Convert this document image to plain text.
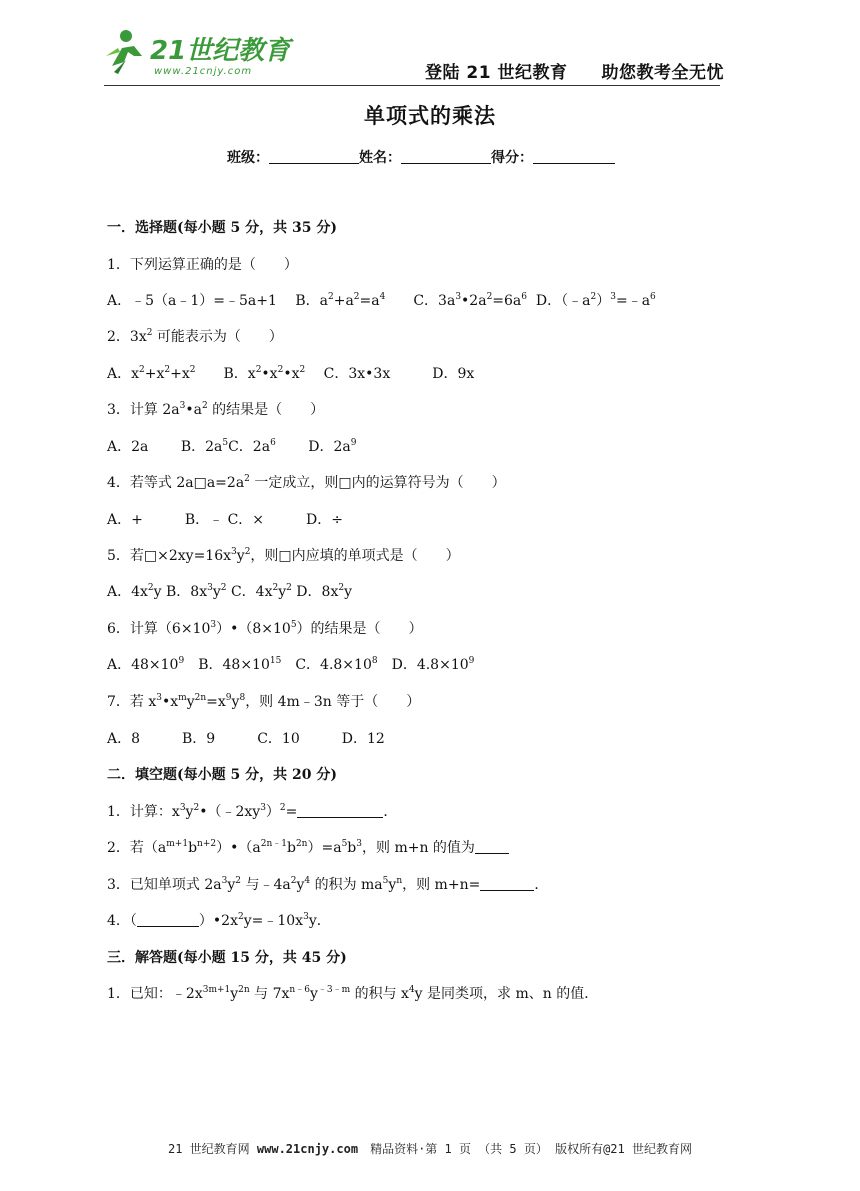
21世纪教育
www.21cnjy.com	登陆 21 世纪教育 助您教考全无忧
单项式的乘法
班级：	姓名：	得分：
一．选择题(每小题 5 分，共 35 分)
1．下列运算正确的是（　　）
A．﹣5（a﹣1）=﹣5a+1　 B．$a^2+a^2=a^4$　　C．$3a^3•2a^2=6a^6$  D．$(﹣a^2)^3=﹣a^6$
2．$3x^2$ 可能表示为（　　）
A．$x^2+x^2+x^2$　　B．$x^2•x^2•x^2$　 C．3x•3x　　　D．9x
3．计算 $2a^3•a^2$ 的结果是（　　）
A．2a　　 B．$2a^5C$．$2a^6$　　 D．$2a^9$
4．若等式 $2a□a=2a^2$ 一定成立，则□内的运算符号为（　　）
A．+　　　B．﹣ C．×　　　D．÷
5．若$□\times 2xy=16x^3y^2$，则□内应填的单项式是（　　）
A．$4x^2y$ B．$8x^3y^2$ C．$4x^2y^2$ D．$8x^2y$
6．计算$(6\times 10^3)•(8\times 10^5)$的结果是（　　）
A．$48\times 10^9$　B．$48\times 10^{15}$　C．$4.8\times 10^8$　D．$4.8\times 10^9$
7．若 $x^3•x^my^{2n}=x^9y^8$，则 4m﹣3n 等于（　　）
A．8　　　B．9　　　C．10　　　D．12
二．填空题(每小题 5 分，共 20 分)
1．计算：$x^3y^2•(﹣2xy^3)^2=$	．
2．若$(a^{m+1}b^{n+2})•(a^{2n﹣1}b^{2n})=a^5b^3$，则 m+n 的值为
3．已知单项式 $2a^3y^2$ 与$﹣4a^2y^4$ 的积为 $ma^5y^n$，则 m+n=	．
4．（	）$•2x^2y=﹣10x^3y$．
三．解答题(每小题 15 分，共 45 分)
1．已知：$﹣2x^{3m+1}y^{2n}$ 与 $7x^{n﹣6}y^{﹣3﹣m}$ 的积与 $x^4y$ 是同类项，求 m、n 的值．
21 世纪教育网 www.21cnjy.com　精品资料·第 1 页 （共 5 页） 版权所有@21 世纪教育网
